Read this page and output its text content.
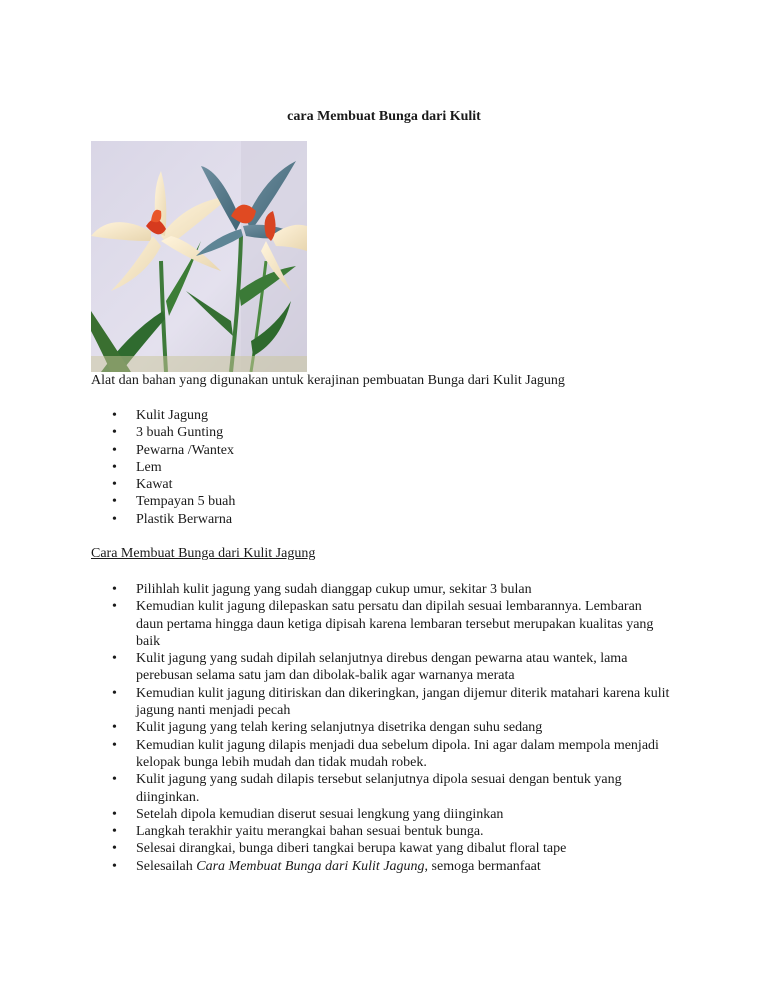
cara Membuat Bunga dari Kulit
Alat dan bahan yang digunakan untuk kerajinan pembuatan Bunga dari Kulit Jagung
•	Kulit Jagung
•	3 buah Gunting
•	Pewarna /Wantex
•	Lem
•	Kawat
•	Tempayan 5 buah
•	Plastik Berwarna
Cara Membuat Bunga dari Kulit Jagung
•	Pilihlah kulit jagung yang sudah dianggap cukup umur, sekitar 3 bulan
•	Kemudian kulit jagung dilepaskan satu persatu dan dipilah sesuai lembarannya. Lembaran daun pertama hingga daun ketiga dipisah karena lembaran tersebut merupakan kualitas yang baik
•	Kulit jagung yang sudah dipilah selanjutnya direbus dengan pewarna atau wantek, lama perebusan selama satu jam dan dibolak-balik agar warnanya merata
•	Kemudian kulit jagung ditiriskan dan dikeringkan, jangan dijemur diterik matahari karena kulit jagung nanti menjadi pecah
•	Kulit jagung yang telah kering selanjutnya disetrika dengan suhu sedang
•	Kemudian kulit jagung dilapis menjadi dua sebelum dipola. Ini agar dalam mempola menjadi kelopak bunga lebih mudah dan tidak mudah robek.
•	Kulit jagung yang sudah dilapis tersebut selanjutnya dipola sesuai dengan bentuk yang diinginkan.
•	Setelah dipola kemudian diserut sesuai lengkung yang diinginkan
•	Langkah terakhir yaitu merangkai bahan sesuai bentuk bunga.
•	Selesai dirangkai, bunga diberi tangkai berupa kawat yang dibalut floral tape
•	Selesailah Cara Membuat Bunga dari Kulit Jagung, semoga bermanfaat
